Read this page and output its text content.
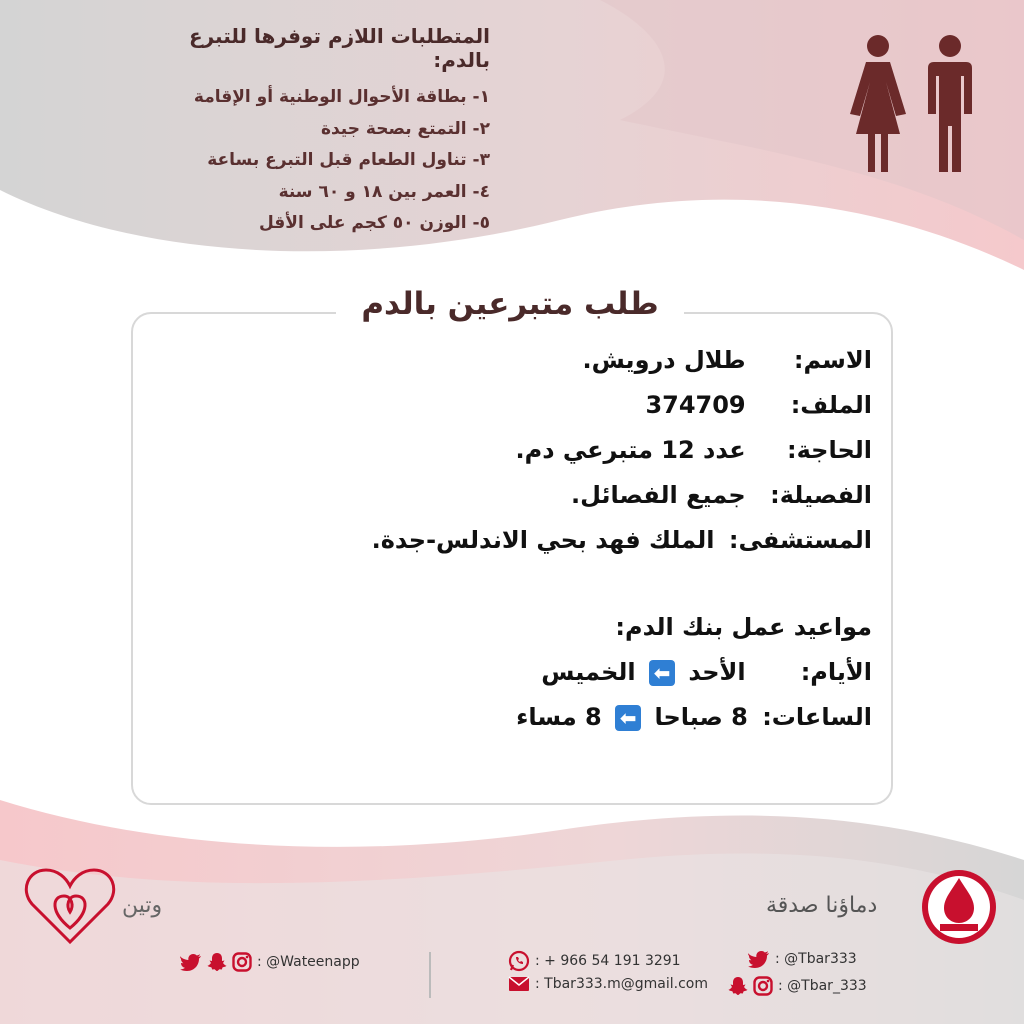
المتطلبات اللازم توفرها للتبرع بالدم:
١- بطاقة الأحوال الوطنية أو الإقامة
٢- التمتع بصحة جيدة
٣- تناول الطعام قبل التبرع بساعة
٤- العمر بين ١٨ و ٦٠ سنة
٥- الوزن ٥٠ كجم على الأقل
طلب متبرعين بالدم
الاسم: طلال درويش.
الملف: 374709
الحاجة: عدد 12 متبرعي دم.
الفصيلة: جميع الفصائل.
المستشفى: الملك فهد بحي الاندلس-جدة.
مواعيد عمل بنك الدم:
الأيام: الأحد ⬅ الخميس
الساعات: 8 صباحا ⬅ 8 مساء
وتين	دماؤنا صدقة
: @Wateenapp	: + 966 54 191 3291
: Tbar333.m@gmail.com
: @Tbar333
: @Tbar_333
